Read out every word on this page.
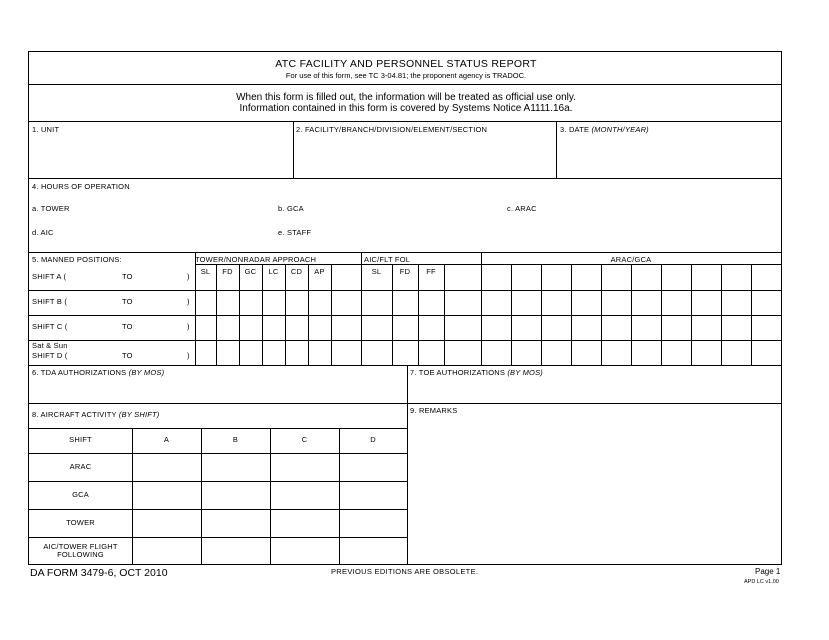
ATC FACILITY AND PERSONNEL STATUS REPORT
For use of this form, see TC 3-04.81; the proponent agency is TRADOC.
When this form is filled out, the information will be treated as official use only.
Information contained in this form is covered by Systems Notice A1111.16a.
1. UNIT	2. FACILITY/BRANCH/DIVISION/ELEMENT/SECTION	3. DATE (MONTH/YEAR)
4. HOURS OF OPERATION
a. TOWER	b. GCA	c. ARAC
d. AIC	e. STAFF
5. MANNED POSITIONS:	TOWER/NONRADAR APPROACH	AIC/FLT FOL	ARAC/GCA
SL	FD	GC	LC	CD	AP	SL	FD	FF
SHIFT A (	TO	)
SHIFT B (	TO	)
SHIFT C (	TO	)
Sat & Sun
SHIFT D (	TO	)
6. TDA AUTHORIZATIONS (BY MOS)	7. TOE AUTHORIZATIONS (BY MOS)
8. AIRCRAFT ACTIVITY (BY SHIFT)
SHIFT	A	B	C	D
ARAC
GCA
TOWER
AIC/TOWER FLIGHT
FOLLOWING
9. REMARKS
DA FORM 3479-6, OCT 2010	PREVIOUS EDITIONS ARE OBSOLETE.	Page 1
APD LC v1.00
